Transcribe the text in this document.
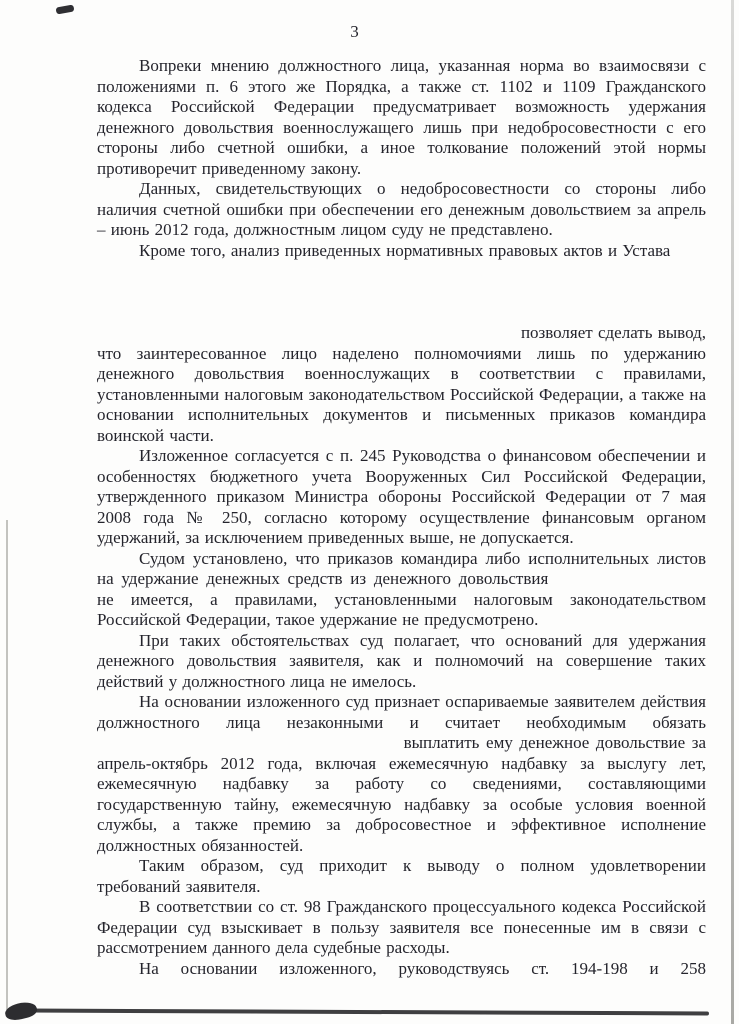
3

Вопреки мнению должностного лица, указанная норма во взаимосвязи с положениями п. 6 этого же Порядка, а также ст. 1102 и 1109 Гражданского кодекса Российской Федерации предусматривает возможность удержания денежного довольствия военнослужащего лишь при недобросовестности с его стороны либо счетной ошибки, а иное толкование положений этой нормы противоречит приведенному закону.

Данных, свидетельствующих о недобросовестности со стороны либо наличия счетной ошибки при обеспечении его денежным довольствием за апрель – июнь 2012 года, должностным лицом суду не представлено.

Кроме того, анализ приведенных нормативных правовых актов и Устава

позволяет сделать вывод,

что заинтересованное лицо наделено полномочиями лишь по удержанию денежного довольствия военнослужащих в соответствии с правилами, установленными налоговым законодательством Российской Федерации, а также на основании исполнительных документов и письменных приказов командира воинской части.

Изложенное согласуется с п. 245 Руководства о финансовом обеспечении и особенностях бюджетного учета Вооруженных Сил Российской Федерации, утвержденного приказом Министра обороны Российской Федерации от 7 мая 2008 года № 250, согласно которому осуществление финансовым органом удержаний, за исключением приведенных выше, не допускается.

Судом установлено, что приказов командира либо исполнительных листов на удержание денежных средств из денежного довольствия  не имеется, а правилами, установленными налоговым законодательством Российской Федерации, такое удержание не предусмотрено.

При таких обстоятельствах суд полагает, что оснований для удержания денежного довольствия заявителя, как и полномочий на совершение таких действий у должностного лица не имелось.

На основании изложенного суд признает оспариваемые заявителем действия должностного лица незаконными и считает необходимым обязать  выплатить ему денежное довольствие за апрель-октябрь 2012 года, включая ежемесячную надбавку за выслугу лет, ежемесячную надбавку за работу со сведениями, составляющими государственную тайну, ежемесячную надбавку за особые условия военной службы, а также премию за добросовестное и эффективное исполнение должностных обязанностей.

Таким образом, суд приходит к выводу о полном удовлетворении требований заявителя.

В соответствии со ст. 98 Гражданского процессуального кодекса Российской Федерации суд взыскивает в пользу заявителя все понесенные им в связи с рассмотрением данного дела судебные расходы.

На основании изложенного, руководствуясь ст. 194-198 и 258
